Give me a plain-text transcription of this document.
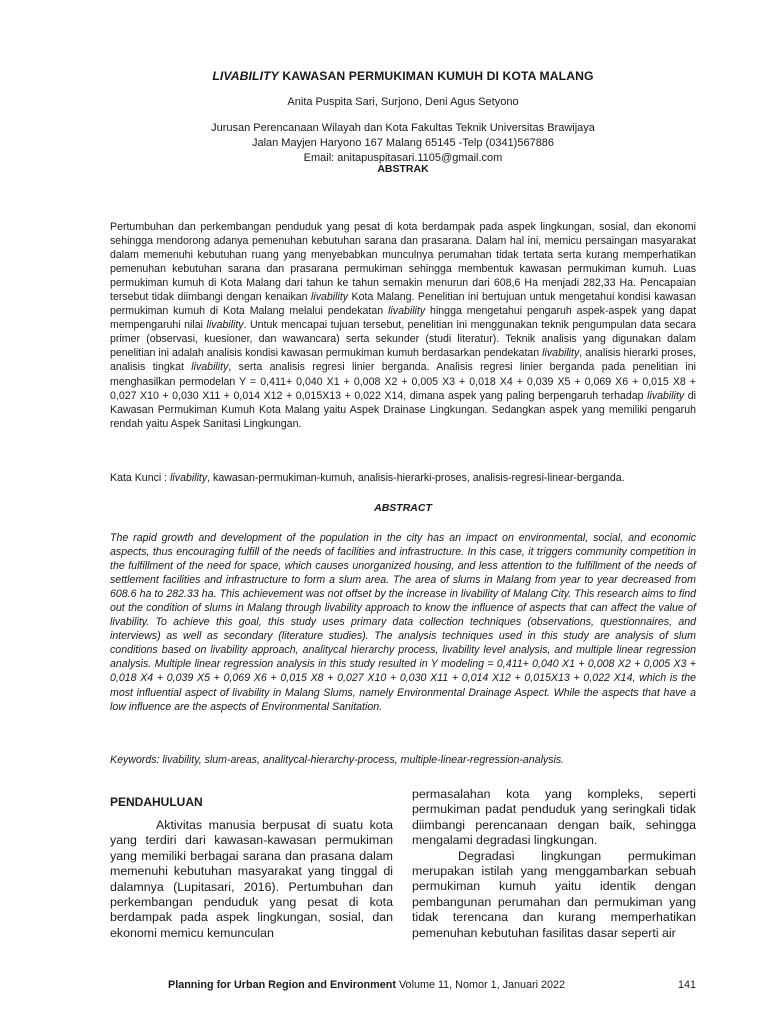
LIVABILITY KAWASAN PERMUKIMAN KUMUH DI KOTA MALANG
Anita Puspita Sari, Surjono, Deni Agus Setyono
Jurusan Perencanaan Wilayah dan Kota Fakultas Teknik Universitas Brawijaya
Jalan Mayjen Haryono 167 Malang 65145 -Telp (0341)567886
Email: anitapuspitasari.1105@gmail.com
ABSTRAK
Pertumbuhan dan perkembangan penduduk yang pesat di kota berdampak pada aspek lingkungan, sosial, dan ekonomi sehingga mendorong adanya pemenuhan kebutuhan sarana dan prasarana. Dalam hal ini, memicu persaingan masyarakat dalam memenuhi kebutuhan ruang yang menyebabkan munculnya perumahan tidak tertata serta kurang memperhatikan pemenuhan kebutuhan sarana dan prasarana permukiman sehingga membentuk kawasan permukiman kumuh. Luas permukiman kumuh di Kota Malang dari tahun ke tahun semakin menurun dari 608,6 Ha menjadi 282,33 Ha. Pencapaian tersebut tidak diimbangi dengan kenaikan livability Kota Malang. Penelitian ini bertujuan untuk mengetahui kondisi kawasan permukiman kumuh di Kota Malang melalui pendekatan livability hingga mengetahui pengaruh aspek-aspek yang dapat mempengaruhi nilai livability. Untuk mencapai tujuan tersebut, penelitian ini menggunakan teknik pengumpulan data secara primer (observasi, kuesioner, dan wawancara) serta sekunder (studi literatur). Teknik analisis yang digunakan dalam penelitian ini adalah analisis kondisi kawasan permukiman kumuh berdasarkan pendekatan livability, analisis hierarki proses, analisis tingkat livability, serta analisis regresi linier berganda. Analisis regresi linier berganda pada penelitian ini menghasilkan permodelan Y = 0,411+ 0,040 X1 + 0,008 X2 + 0,005 X3 + 0,018 X4 + 0,039 X5 + 0,069 X6 + 0,015 X8 + 0,027 X10 + 0,030 X11 + 0,014 X12 + 0,015X13 + 0,022 X14, dimana aspek yang paling berpengaruh terhadap livability di Kawasan Permukiman Kumuh Kota Malang yaitu Aspek Drainase Lingkungan. Sedangkan aspek yang memiliki pengaruh rendah yaitu Aspek Sanitasi Lingkungan.
Kata Kunci : livability, kawasan-permukiman-kumuh, analisis-hierarki-proses, analisis-regresi-linear-berganda.
ABSTRACT
The rapid growth and development of the population in the city has an impact on environmental, social, and economic aspects, thus encouraging fulfill of the needs of facilities and infrastructure. In this case, it triggers community competition in the fulfillment of the need for space, which causes unorganized housing, and less attention to the fulfillment of the needs of settlement facilities and infrastructure to form a slum area. The area of slums in Malang from year to year decreased from 608.6 ha to 282.33 ha. This achievement was not offset by the increase in livability of Malang City. This research aims to find out the condition of slums in Malang through livability approach to know the influence of aspects that can affect the value of livability. To achieve this goal, this study uses primary data collection techniques (observations, questionnaires, and interviews) as well as secondary (literature studies). The analysis techniques used in this study are analysis of slum conditions based on livability approach, analitycal hierarchy process, livability level analysis, and multiple linear regression analysis. Multiple linear regression analysis in this study resulted in Y modeling = 0,411+ 0,040 X1 + 0,008 X2 + 0,005 X3 + 0,018 X4 + 0,039 X5 + 0,069 X6 + 0,015 X8 + 0,027 X10 + 0,030 X11 + 0,014 X12 + 0,015X13 + 0,022 X14, which is the most influential aspect of livability in Malang Slums, namely Environmental Drainage Aspect. While the aspects that have a low influence are the aspects of Environmental Sanitation.
Keywords: livability, slum-areas, analitycal-hierarchy-process, multiple-linear-regression-analysis.
PENDAHULUAN

Aktivitas manusia berpusat di suatu kota yang terdiri dari kawasan-kawasan permukiman yang memiliki berbagai sarana dan prasana dalam memenuhi kebutuhan masyarakat yang tinggal di dalamnya (Lupitasari, 2016). Pertumbuhan dan perkembangan penduduk yang pesat di kota berdampak pada aspek lingkungan, sosial, dan ekonomi memicu kemunculan

permasalahan kota yang kompleks, seperti permukiman padat penduduk yang seringkali tidak diimbangi perencanaan dengan baik, sehingga mengalami degradasi lingkungan.

Degradasi lingkungan permukiman merupakan istilah yang menggambarkan sebuah permukiman kumuh yaitu identik dengan pembangunan perumahan dan permukiman yang tidak terencana dan kurang memperhatikan pemenuhan kebutuhan fasilitas dasar seperti air

Planning for Urban Region and Environment Volume 11, Nomor 1, Januari 2022	141
